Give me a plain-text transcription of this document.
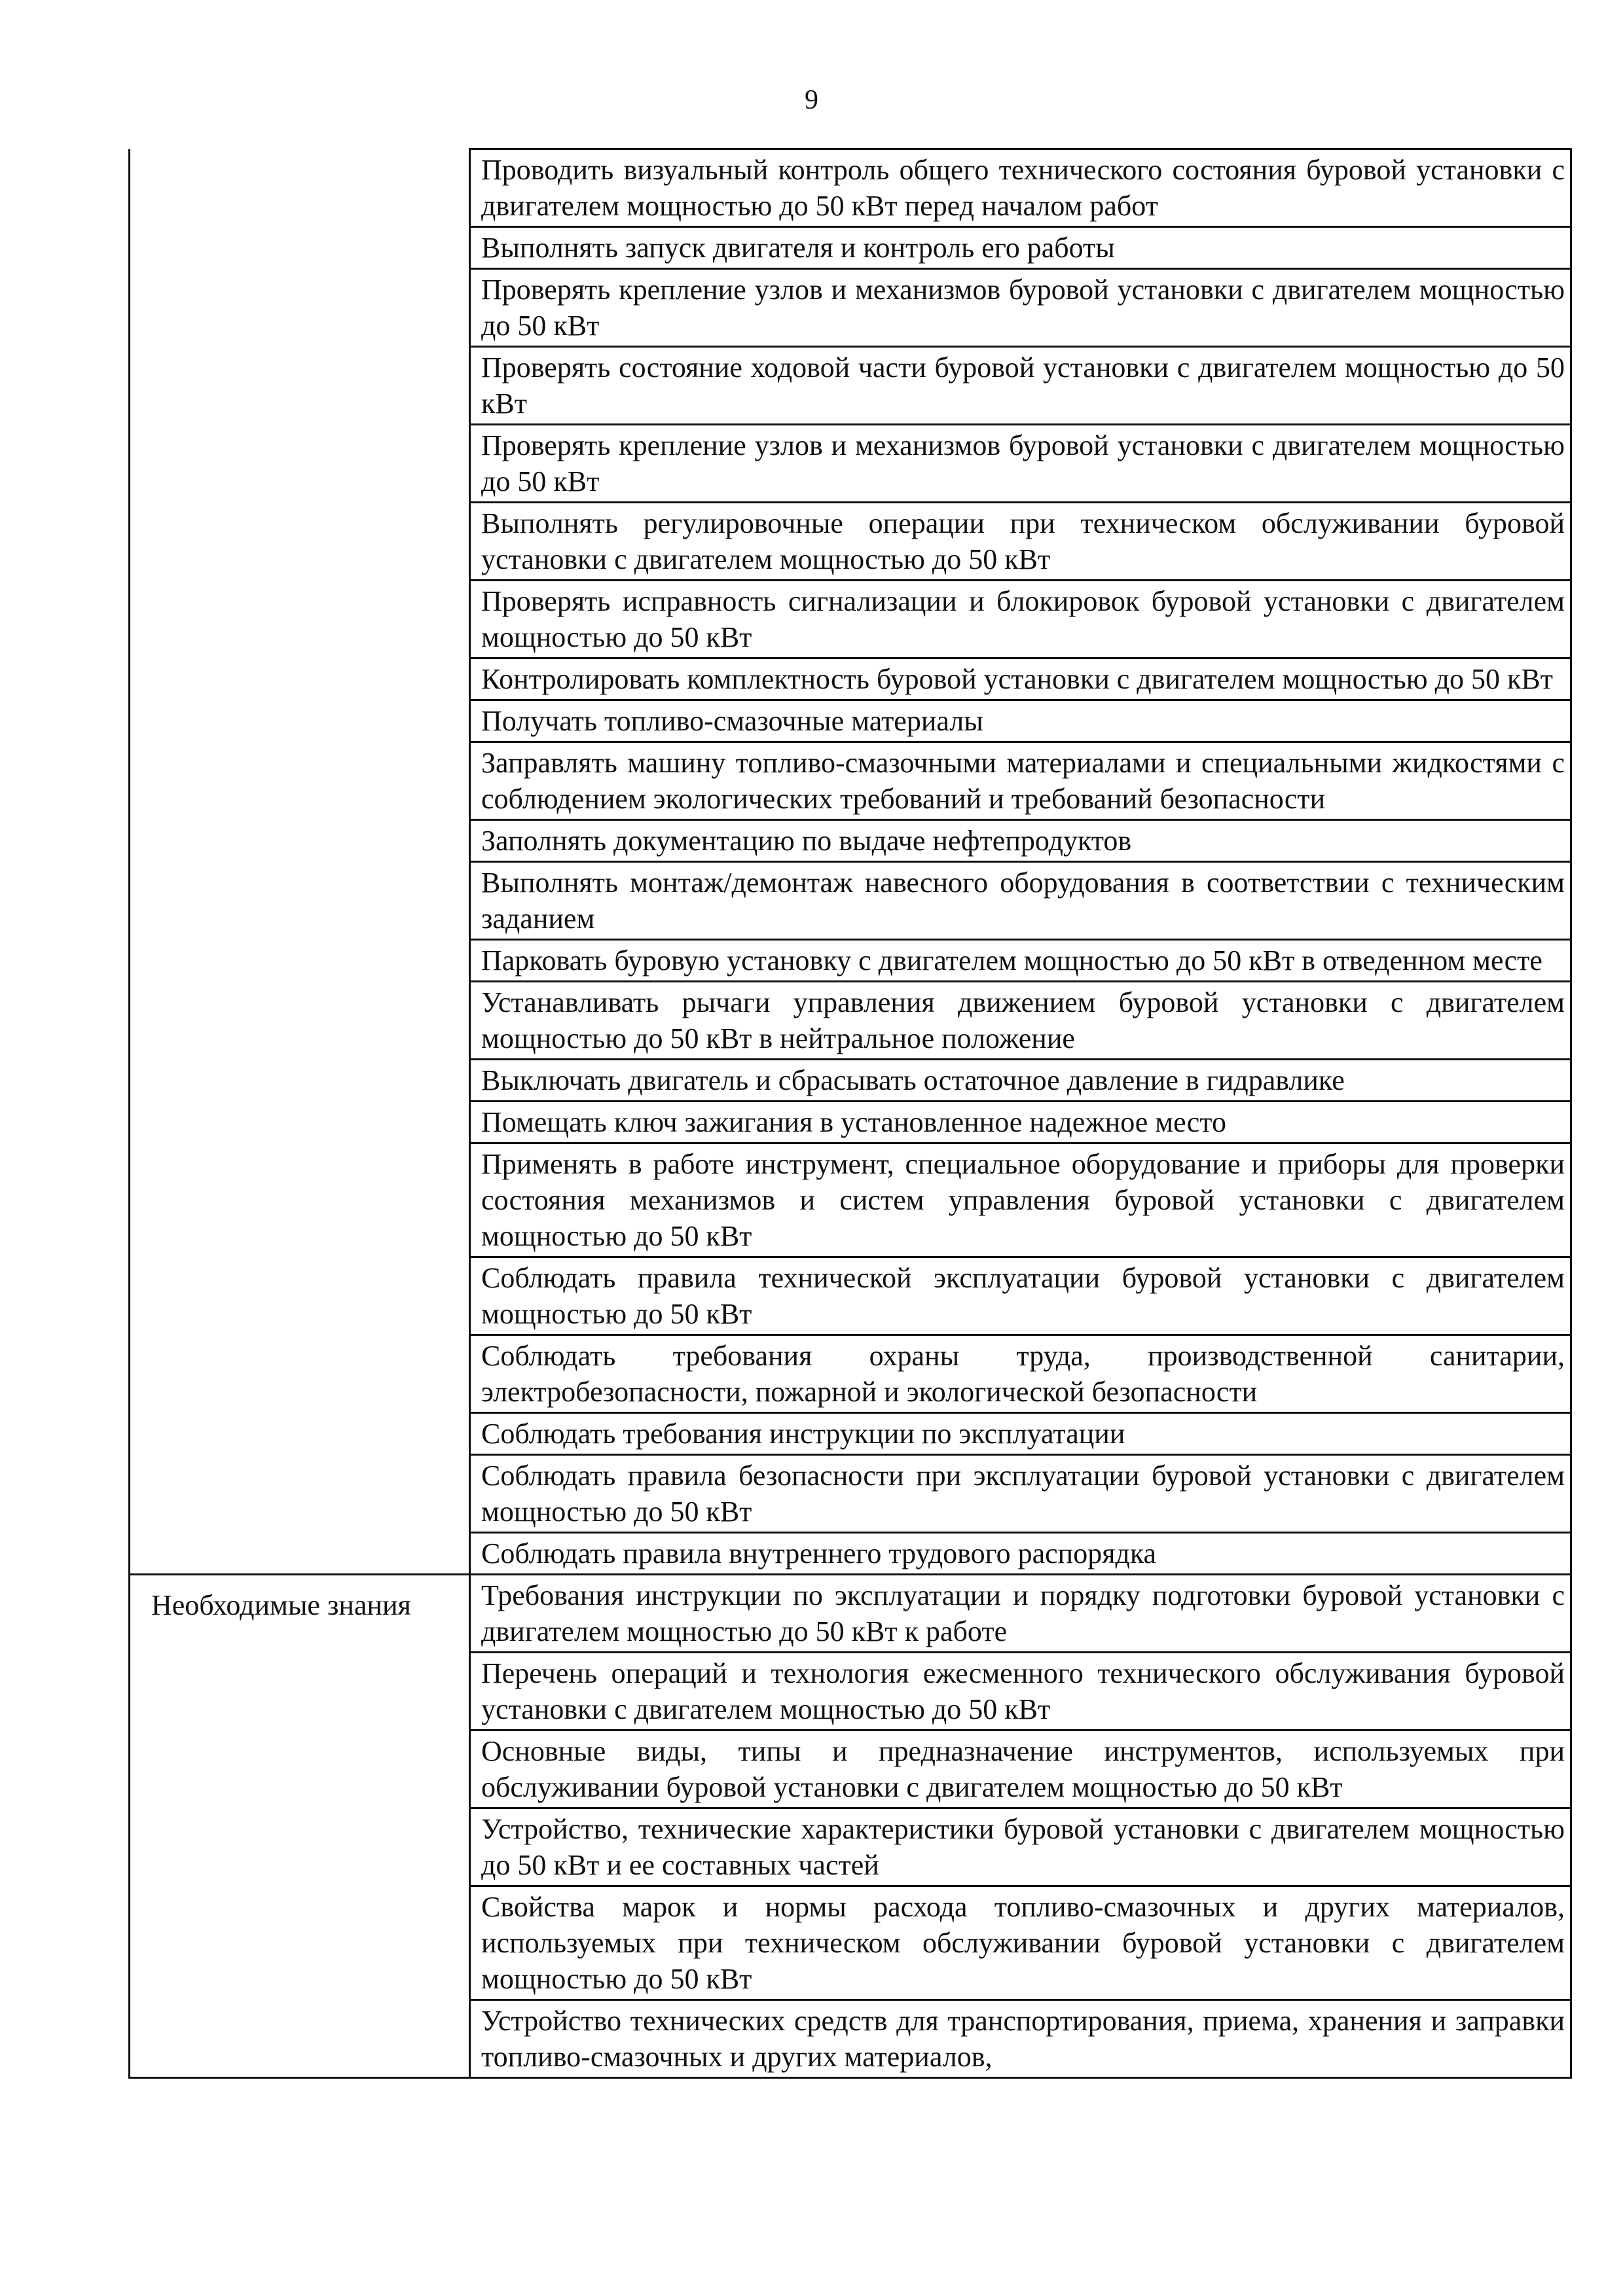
9
	Проводить визуальный контроль общего технического состояния буровой установки с двигателем мощностью до 50 кВт перед началом работ
	Выполнять запуск двигателя и контроль его работы
	Проверять крепление узлов и механизмов буровой установки с двигателем мощностью до 50 кВт
	Проверять состояние ходовой части буровой установки с двигателем мощностью до 50 кВт
	Проверять крепление узлов и механизмов буровой установки с двигателем мощностью до 50 кВт
	Выполнять регулировочные операции при техническом обслуживании буровой установки с двигателем мощностью до 50 кВт
	Проверять исправность сигнализации и блокировок буровой установки с двигателем мощностью до 50 кВт
	Контролировать комплектность буровой установки с двигателем мощностью до 50 кВт
	Получать топливо-смазочные материалы
	Заправлять машину топливо-смазочными материалами и специальными жидкостями с соблюдением экологических требований и требований безопасности
	Заполнять документацию по выдаче нефтепродуктов
	Выполнять монтаж/демонтаж навесного оборудования в соответствии с техническим заданием
	Парковать буровую установку с двигателем мощностью до 50 кВт в отведенном месте
	Устанавливать рычаги управления движением буровой установки с двигателем мощностью до 50 кВт в нейтральное положение
	Выключать двигатель и сбрасывать остаточное давление в гидравлике
	Помещать ключ зажигания в установленное надежное место
	Применять в работе инструмент, специальное оборудование и приборы для проверки состояния механизмов и систем управления буровой установки с двигателем мощностью до 50 кВт
	Соблюдать правила технической эксплуатации буровой установки с двигателем мощностью до 50 кВт
	Соблюдать требования охраны труда, производственной санитарии, электробезопасности, пожарной и экологической безопасности
	Соблюдать требования инструкции по эксплуатации
	Соблюдать правила безопасности при эксплуатации буровой установки с двигателем мощностью до 50 кВт
	Соблюдать правила внутреннего трудового распорядка
Необходимые знания	Требования инструкции по эксплуатации и порядку подготовки буровой установки с двигателем мощностью до 50 кВт к работе
	Перечень операций и технология ежесменного технического обслуживания буровой установки с двигателем мощностью до 50 кВт
	Основные виды, типы и предназначение инструментов, используемых при обслуживании буровой установки с двигателем мощностью до 50 кВт
	Устройство, технические характеристики буровой установки с двигателем мощностью до 50 кВт и ее составных частей
	Свойства марок и нормы расхода топливо-смазочных и других материалов, используемых при техническом обслуживании буровой установки с двигателем мощностью до 50 кВт
	Устройство технических средств для транспортирования, приема, хранения и заправки топливо-смазочных и других материалов,
